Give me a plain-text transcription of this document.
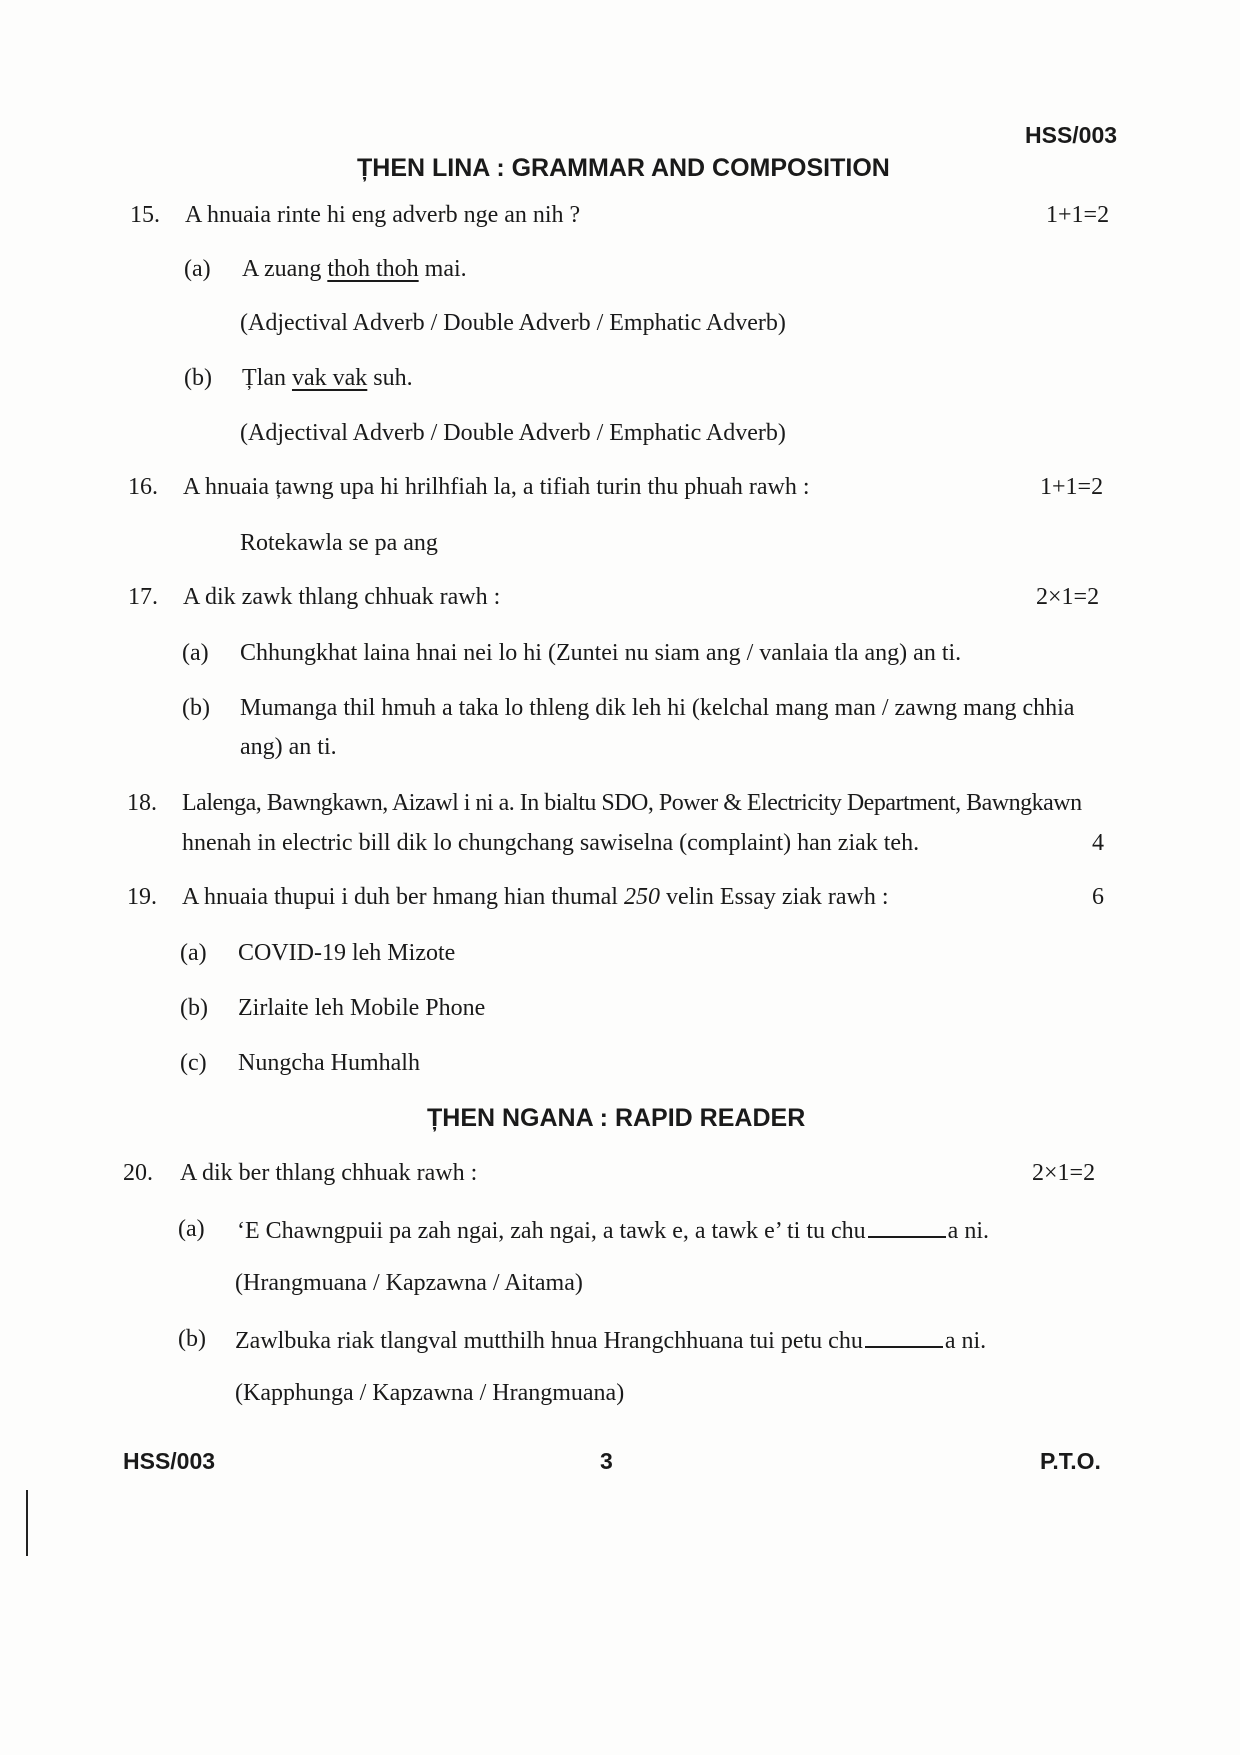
HSS/003
ȚHEN LINA : GRAMMAR AND COMPOSITION
15. A hnuaia rinte hi eng adverb nge an nih ?	1+1=2
(a) A zuang thoh thoh mai.
(Adjectival Adverb / Double Adverb / Emphatic Adverb)
(b) Țlan vak vak suh.
(Adjectival Adverb / Double Adverb / Emphatic Adverb)
16. A hnuaia țawng upa hi hrilhfiah la, a tifiah turin thu phuah rawh :	1+1=2
Rotekawla se pa ang
17. A dik zawk thlang chhuak rawh :	2×1=2
(a) Chhungkhat laina hnai nei lo hi (Zuntei nu siam ang / vanlaia tla ang) an ti.
(b) Mumanga thil hmuh a taka lo thleng dik leh hi (kelchal mang man / zawng mang chhia
ang) an ti.
18. Lalenga, Bawngkawn, Aizawl i ni a. In bialtu SDO, Power & Electricity Department, Bawngkawn
hnenah in electric bill dik lo chungchang sawiselna (complaint) han ziak teh.	4
19. A hnuaia thupui i duh ber hmang hian thumal 250 velin Essay ziak rawh :	6
(a) COVID-19 leh Mizote
(b) Zirlaite leh Mobile Phone
(c) Nungcha Humhalh
ȚHEN NGANA : RAPID READER
20. A dik ber thlang chhuak rawh :	2×1=2
(a) ‘E Chawngpuii pa zah ngai, zah ngai, a tawk e, a tawk e’ ti tu chu	a ni.
(Hrangmuana / Kapzawna / Aitama)
(b) Zawlbuka riak tlangval mutthilh hnua Hrangchhuana tui petu chu	a ni.
(Kapphunga / Kapzawna / Hrangmuana)
HSS/003	3	P.T.O.
